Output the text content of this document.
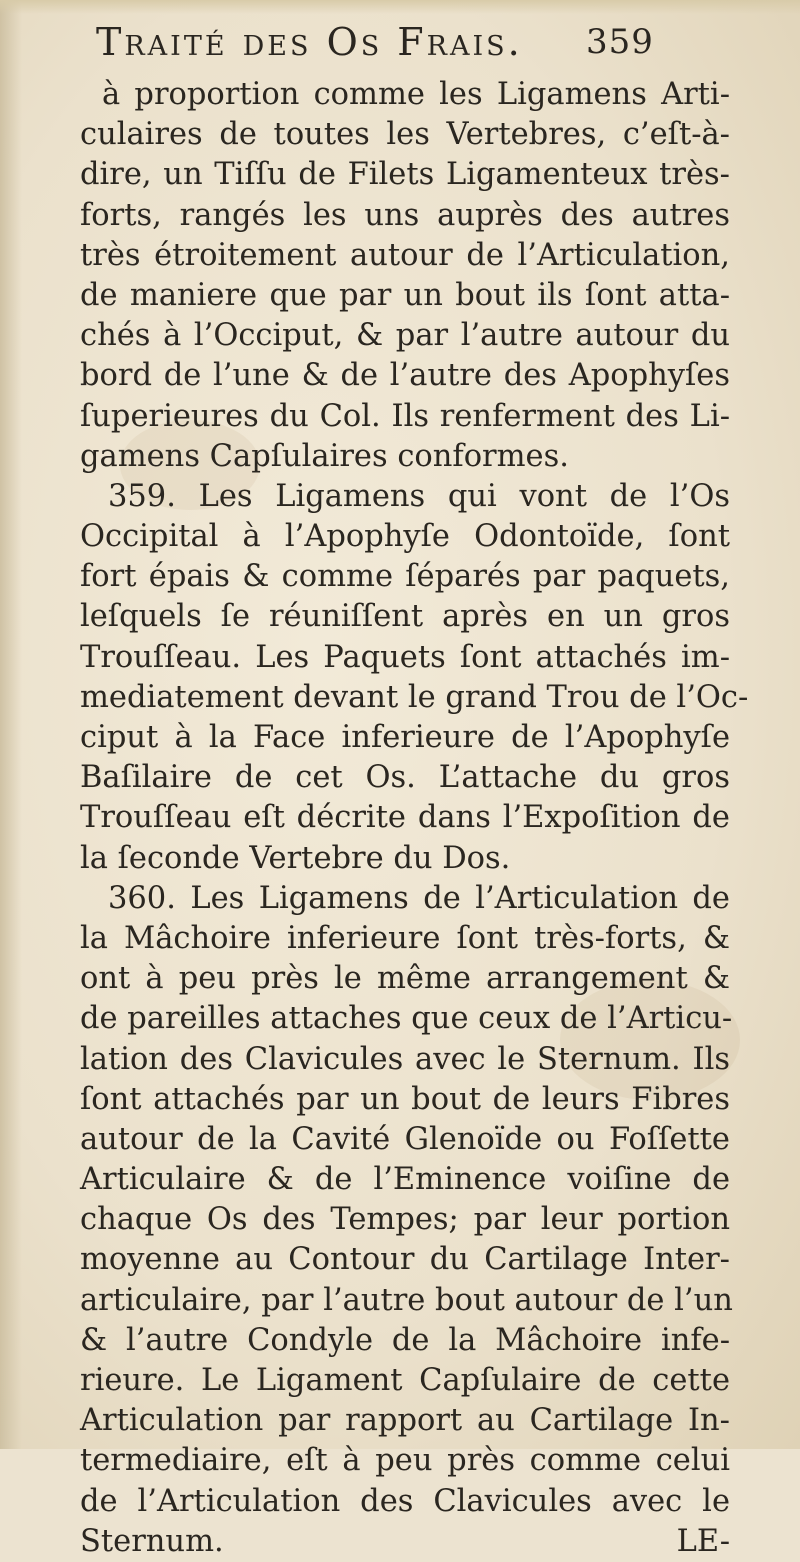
Traité des Os Frais. 359
à proportion comme les Ligamens Arti-
culaires de toutes les Vertebres, c’eſt-à-
dire, un Tiſſu de Filets Ligamenteux très-
forts, rangés les uns auprès des autres
très étroitement autour de l’Articulation,
de maniere que par un bout ils ſont atta-
chés à l’Occiput, & par l’autre autour du
bord de l’une & de l’autre des Apophyſes
ſuperieures du Col. Ils renferment des Li-
gamens Capſulaires conformes.
359. Les Ligamens qui vont de l’Os
Occipital à l’Apophyſe Odontoïde, ſont
fort épais & comme ſéparés par paquets,
leſquels ſe réuniſſent après en un gros
Trouſſeau. Les Paquets ſont attachés im-
mediatement devant le grand Trou de l’Oc-
ciput à la Face inferieure de l’Apophyſe
Baſilaire de cet Os. L’attache du gros
Trouſſeau eſt décrite dans l’Expoſition de
la ſeconde Vertebre du Dos.
360. Les Ligamens de l’Articulation de
la Mâchoire inferieure ſont très-forts, &
ont à peu près le même arrangement &
de pareilles attaches que ceux de l’Articu-
lation des Clavicules avec le Sternum. Ils
ſont attachés par un bout de leurs Fibres
autour de la Cavité Glenoïde ou Foſſette
Articulaire & de l’Eminence voiſine de
chaque Os des Tempes; par leur portion
moyenne au Contour du Cartilage Inter-
articulaire, par l’autre bout autour de l’un
& l’autre Condyle de la Mâchoire infe-
rieure. Le Ligament Capſulaire de cette
Articulation par rapport au Cartilage In-
termediaire, eſt à peu près comme celui
de l’Articulation des Clavicules avec le
Sternum.	LE-
